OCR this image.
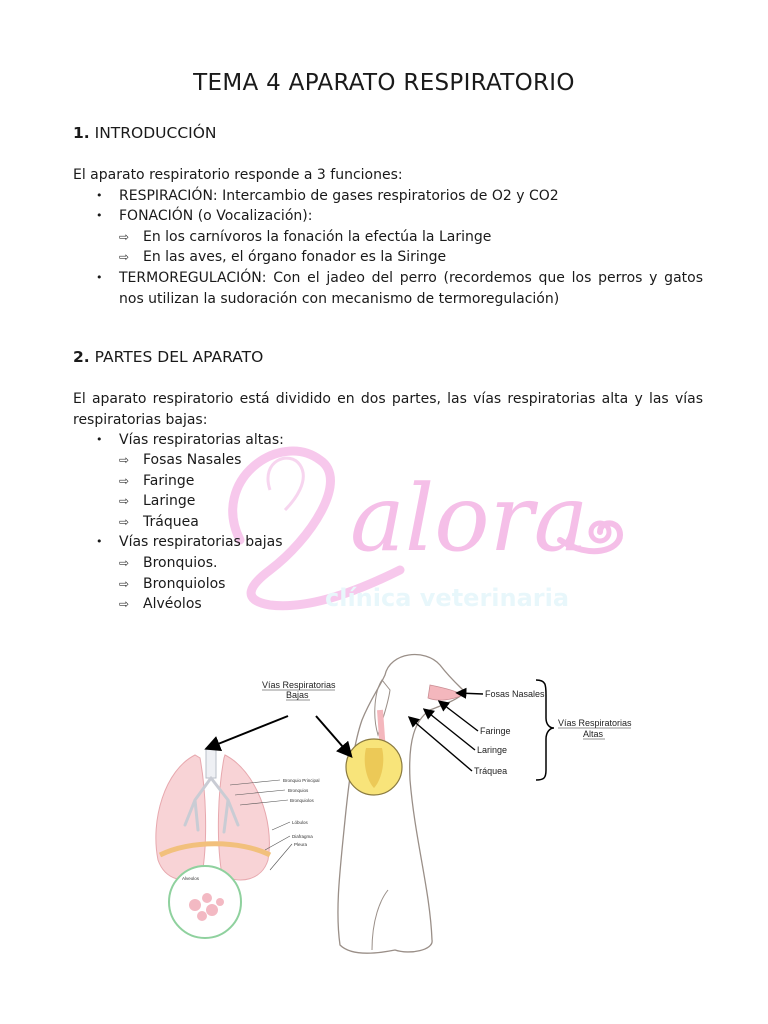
TEMA 4 APARATO RESPIRATORIO
1. INTRODUCCIÓN
El aparato respiratorio responde a 3 funciones:
•	RESPIRACIÓN: Intercambio de gases respiratorios de O2 y CO2
•	FONACIÓN (o Vocalización):
⇨ En los carnívoros la fonación la efectúa la Laringe
⇨ En las aves, el órgano fonador es la Siringe
•	TERMOREGULACIÓN: Con el jadeo del perro (recordemos que los perros y gatos nos utilizan la sudoración con mecanismo de termoregulación)
2. PARTES DEL APARATO
alora
clínica veterinaria
El aparato respiratorio está dividido en dos partes, las vías respiratorias alta y las vías respiratorias bajas:
•	Vías respiratorias altas:
⇨ Fosas Nasales
⇨ Faringe
⇨ Laringe
⇨ Tráquea
•	Vías respiratorias bajas
⇨ Bronquios.
⇨ Bronquiolos
⇨ Alvéolos
Alveolos
Bronquio Principal
Bronquios
Bronquiolos
Lóbulos
Diafragma
Pleura
Vías Respiratorias
Bajas	Fosas Nasales
Faringe
Laringe
Tráquea
Vías Respiratorias
Altas
